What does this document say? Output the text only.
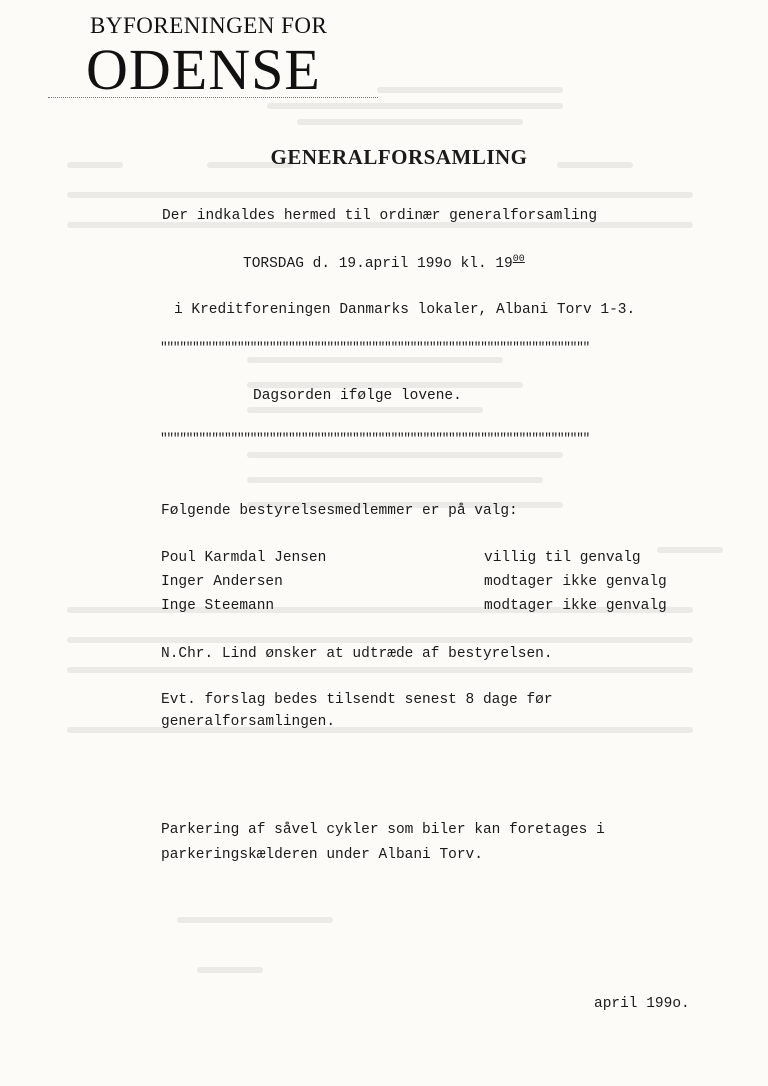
BYFORENINGEN FOR
ODENSE
GENERALFORSAMLING
Der indkaldes hermed til ordinær generalforsamling
TORSDAG d. 19.april 199o kl. $19^{00}$
i Kreditforeningen Danmarks lokaler, Albani Torv 1-3.
"""""""""""""""""""""""""""""""""""""""""""""""""""""""""""""""""""
Dagsorden ifølge lovene.
"""""""""""""""""""""""""""""""""""""""""""""""""""""""""""""""""""
Følgende bestyrelsesmedlemmer er på valg:
Poul Karmdal Jensen	villig til genvalg
Inger Andersen	modtager ikke genvalg
Inge Steemann	modtager ikke genvalg
N.Chr. Lind ønsker at udtræde af bestyrelsen.
Evt. forslag bedes tilsendt senest 8 dage før
generalforsamlingen.
Parkering af såvel cykler som biler kan foretages i
parkeringskælderen under Albani Torv.
april 199o.
